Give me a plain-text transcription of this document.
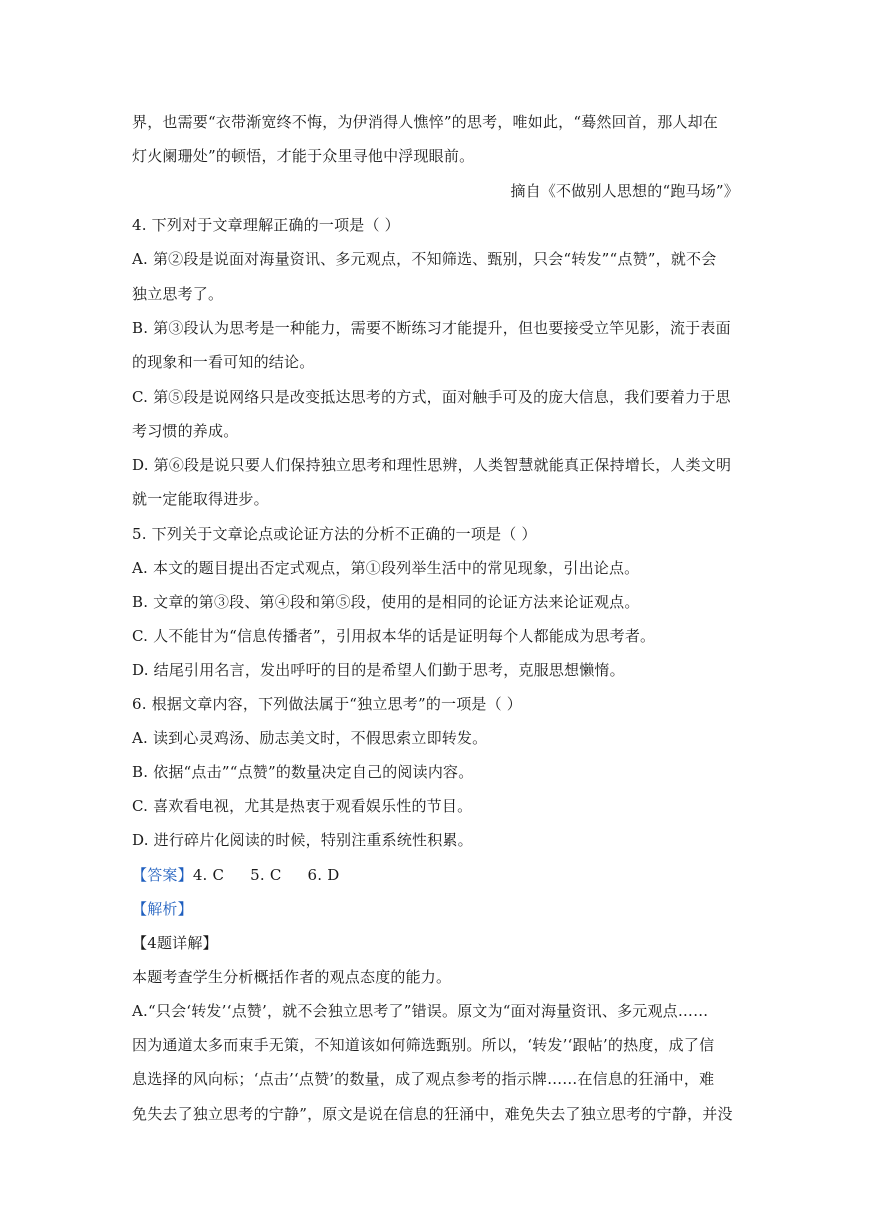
界，也需要“衣带渐宽终不悔，为伊消得人憔悴”的思考，唯如此，“蓦然回首，那人却在
灯火阑珊处”的顿悟，才能于众里寻他中浮现眼前。
摘自《不做别人思想的“跑马场”》
4. 下列对于文章理解正确的一项是（ ）
A. 第②段是说面对海量资讯、多元观点，不知筛选、甄别，只会“转发”“点赞”，就不会
独立思考了。
B. 第③段认为思考是一种能力，需要不断练习才能提升，但也要接受立竿见影，流于表面
的现象和一看可知的结论。
C. 第⑤段是说网络只是改变抵达思考的方式，面对触手可及的庞大信息，我们要着力于思
考习惯的养成。
D. 第⑥段是说只要人们保持独立思考和理性思辨，人类智慧就能真正保持增长，人类文明
就一定能取得进步。
5. 下列关于文章论点或论证方法的分析不正确的一项是（ ）
A. 本文的题目提出否定式观点，第①段列举生活中的常见现象，引出论点。
B. 文章的第③段、第④段和第⑤段，使用的是相同的论证方法来论证观点。
C. 人不能甘为“信息传播者”，引用叔本华的话是证明每个人都能成为思考者。
D. 结尾引用名言，发出呼吁的目的是希望人们勤于思考，克服思想懒惰。
6. 根据文章内容，下列做法属于“独立思考”的一项是（ ）
A. 读到心灵鸡汤、励志美文时，不假思索立即转发。
B. 依据“点击”“点赞”的数量决定自己的阅读内容。
C. 喜欢看电视，尤其是热衷于观看娱乐性的节目。
D. 进行碎片化阅读的时候，特别注重系统性积累。
【答案】4. C 5. C 6. D
【解析】
【4题详解】
本题考查学生分析概括作者的观点态度的能力。
A.“只会‘转发’‘点赞’，就不会独立思考了”错误。原文为“面对海量资讯、多元观点……
因为通道太多而束手无策，不知道该如何筛选甄别。所以，‘转发’‘跟帖’的热度，成了信
息选择的风向标；‘点击’‘点赞’的数量，成了观点参考的指示牌……在信息的狂涌中，难
免失去了独立思考的宁静”，原文是说在信息的狂涌中，难免失去了独立思考的宁静，并没
